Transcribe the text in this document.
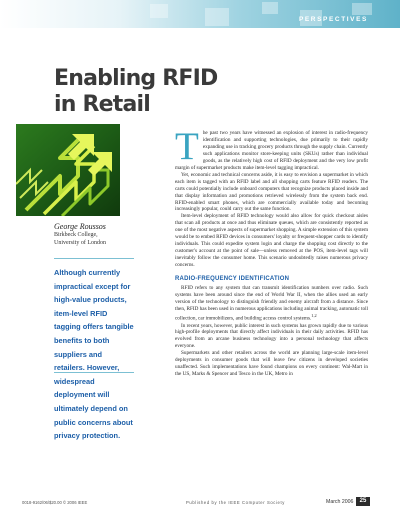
PERSPECTIVES
Enabling RFID
in Retail
George Roussos
Birkbeck College,
University of London

Although currently impractical except for high-value products, item-level RFID tagging offers tangible benefits to both suppliers and retailers. However, widespread deployment will ultimately depend on public concerns about privacy protection.

The past two years have witnessed an explosion of interest in radio-frequency identification and supporting technologies, due primarily to their rapidly expanding use in tracking grocery products through the supply chain. Currently such applications monitor store-keeping units (SKUs) rather than individual goods, as the relatively high cost of RFID deployment and the very low profit margin of supermarket products make item-level tagging impractical.

Yet, economic and technical concerns aside, it is easy to envision a supermarket in which each item is tagged with an RFID label and all shopping carts feature RFID readers. The carts could potentially include onboard computers that recognize products placed inside and that display information and promotions retrieved wirelessly from the system back end. RFID-enabled smart phones, which are commercially available today and becoming increasingly popular, could carry out the same function.

Item-level deployment of RFID technology would also allow for quick checkout aisles that scan all products at once and thus eliminate queues, which are consistently reported as one of the most negative aspects of supermarket shopping. A simple extension of this system would be to embed RFID devices in consumers' loyalty or frequent-shopper cards to identify individuals. This could expedite system login and charge the shopping cost directly to the customer's account at the point of sale—unless removed at the POS, item-level tags will inevitably follow the consumer home. This scenario undoubtedly raises numerous privacy concerns.

RADIO-FREQUENCY IDENTIFICATION

RFID refers to any system that can transmit identification numbers over radio. Such systems have been around since the end of World War II, when the allies used an early version of the technology to distinguish friendly and enemy aircraft from a distance. Since then, RFID has been used in numerous applications including animal tracking, automatic toll collection, car immobilizers, and building access control systems.$^{1,2}$

In recent years, however, public interest in such systems has grown rapidly due to various high-profile deployments that directly affect individuals in their daily activities. RFID has evolved from an arcane business technology into a personal technology that affects everyone.

Supermarkets and other retailers across the world are planning large-scale item-level deployments in consumer goods that will leave few citizens in developed societies unaffected. Such implementations have found champions on every continent: Wal-Mart in the US, Marks & Spencer and Tesco in the UK, Metro in

0018-9162/06/$20.00 © 2006 IEEE	Published by the IEEE Computer Society	March 2006	25
